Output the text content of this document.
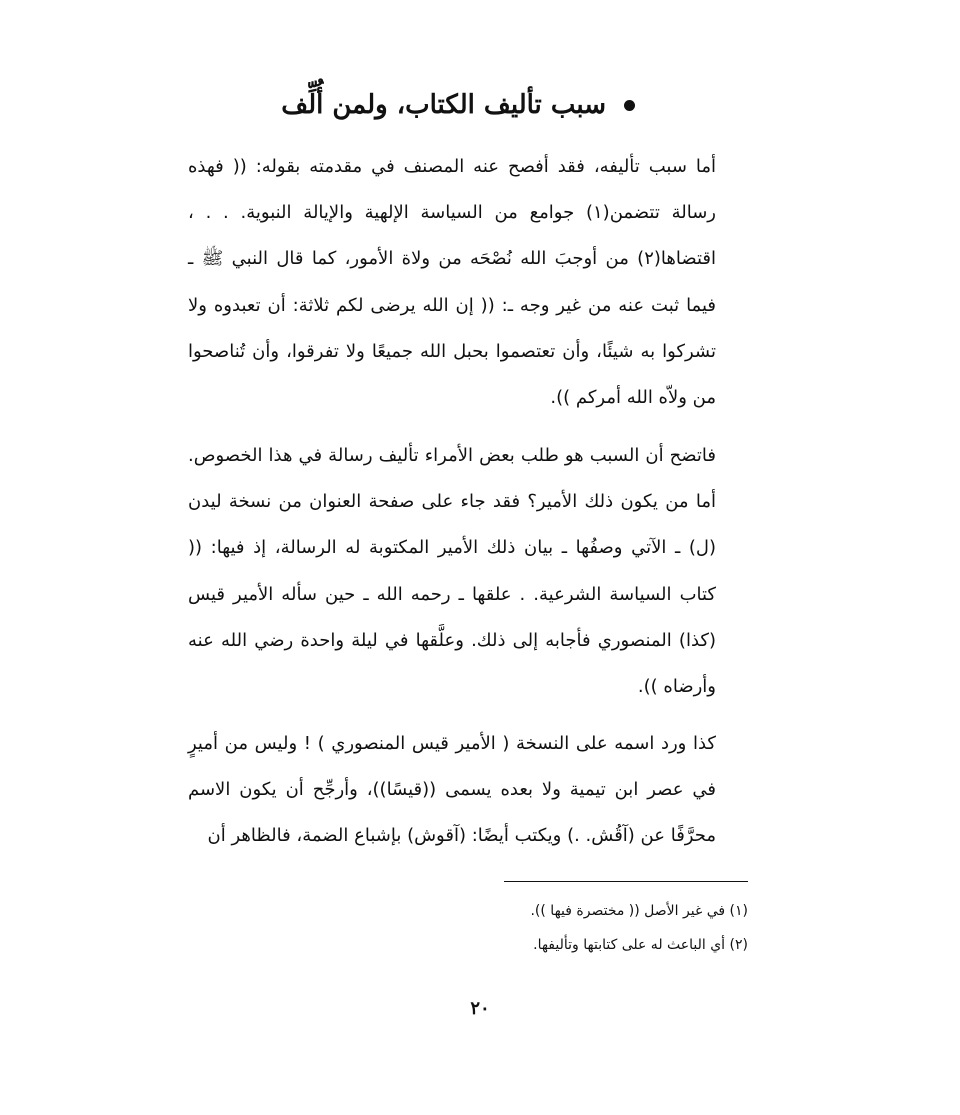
سبب تأليف الكتاب، ولمن أُلِّف

أما سبب تأليفه، فقد أفصح عنه المصنف في مقدمته بقوله: (( فهذه رسالة تتضمن(١) جوامع من السياسة الإلهية والإيالة النبوية. . . ، اقتضاها(٢) من أوجبَ الله نُصْحَه من ولاة الأمور، كما قال النبي ﷺ ـ فيما ثبت عنه من غير وجه ـ: (( إن الله يرضى لكم ثلاثة: أن تعبدوه ولا تشركوا به شيئًا، وأن تعتصموا بحبل الله جميعًا ولا تفرقوا، وأن تُناصحوا من ولاّه الله أمركم )).

فاتضح أن السبب هو طلب بعض الأمراء تأليف رسالة في هذا الخصوص. أما من يكون ذلك الأمير؟ فقد جاء على صفحة العنوان من نسخة ليدن (ل) ـ الآتي وصفُها ـ بيان ذلك الأمير المكتوبة له الرسالة، إذ فيها: (( كتاب السياسة الشرعية. . علقها ـ رحمه الله ـ حين سأله الأمير قيس (كذا) المنصوري فأجابه إلى ذلك. وعلَّقها في ليلة واحدة رضي الله عنه وأرضاه )).

كذا ورد اسمه على النسخة ( الأمير قيس المنصوري ) ! وليس من أميرٍ في عصر ابن تيمية ولا بعده يسمى ((قيسًا))، وأرجِّح أن يكون الاسم محرَّفًا عن (آقُش. .) ويكتب أيضًا: (آقوش) بإشباع الضمة، فالظاهر أن

(١) في غير الأصل (( مختصرة فيها )).
(٢) أي الباعث له على كتابتها وتأليفها.
٢٠
